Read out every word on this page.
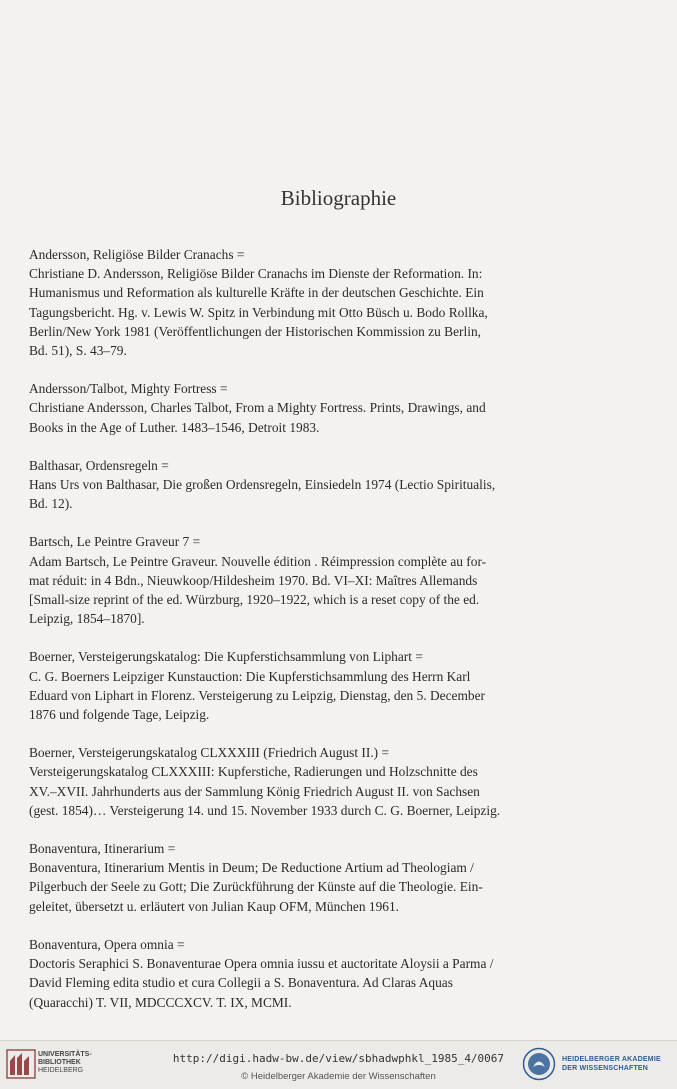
Bibliographie

Andersson, Religiöse Bilder Cranachs =

Christiane D. Andersson, Religiöse Bilder Cranachs im Dienste der Reformation. In:

Humanismus und Reformation als kulturelle Kräfte in der deutschen Geschichte. Ein

Tagungsbericht. Hg. v. Lewis W. Spitz in Verbindung mit Otto Büsch u. Bodo Rollka,

Berlin/New York 1981 (Veröffentlichungen der Historischen Kommission zu Berlin,

Bd. 51), S. 43–79.

Andersson/Talbot, Mighty Fortress =

Christiane Andersson, Charles Talbot, From a Mighty Fortress. Prints, Drawings, and

Books in the Age of Luther. 1483–1546, Detroit 1983.

Balthasar, Ordensregeln =

Hans Urs von Balthasar, Die großen Ordensregeln, Einsiedeln 1974 (Lectio Spiritualis,

Bd. 12).

Bartsch, Le Peintre Graveur 7 =

Adam Bartsch, Le Peintre Graveur. Nouvelle édition . Réimpression complète au for-

mat réduit: in 4 Bdn., Nieuwkoop/Hildesheim 1970. Bd. VI–XI: Maîtres Allemands

[Small-size reprint of the ed. Würzburg, 1920–1922, which is a reset copy of the ed.

Leipzig, 1854–1870].

Boerner, Versteigerungskatalog: Die Kupferstichsammlung von Liphart =

C. G. Boerners Leipziger Kunstauction: Die Kupferstichsammlung des Herrn Karl

Eduard von Liphart in Florenz. Versteigerung zu Leipzig, Dienstag, den 5. December

1876 und folgende Tage, Leipzig.

Boerner, Versteigerungskatalog CLXXXIII (Friedrich August II.) =

Versteigerungskatalog CLXXXIII: Kupferstiche, Radierungen und Holzschnitte des

XV.–XVII. Jahrhunderts aus der Sammlung König Friedrich August II. von Sachsen

(gest. 1854)… Versteigerung 14. und 15. November 1933 durch C. G. Boerner, Leipzig.

Bonaventura, Itinerarium =

Bonaventura, Itinerarium Mentis in Deum; De Reductione Artium ad Theologiam /

Pilgerbuch der Seele zu Gott; Die Zurückführung der Künste auf die Theologie. Ein-

geleitet, übersetzt u. erläutert von Julian Kaup OFM, München 1961.

Bonaventura, Opera omnia =

Doctoris Seraphici S. Bonaventurae Opera omnia iussu et auctoritate Aloysii a Parma /

David Fleming edita studio et cura Collegii a S. Bonaventura. Ad Claras Aquas

(Quaracchi) T. VII, MDCCCXCV. T. IX, MCMI.

UNIVERSITÄTS-
BIBLIOTHEK
HEIDELBERG
http://digi.hadw-bw.de/view/sbhadwphkl_1985_4/0067
© Heidelberger Akademie der Wissenschaften
HEIDELBERGER AKADEMIE
DER WISSENSCHAFTEN
